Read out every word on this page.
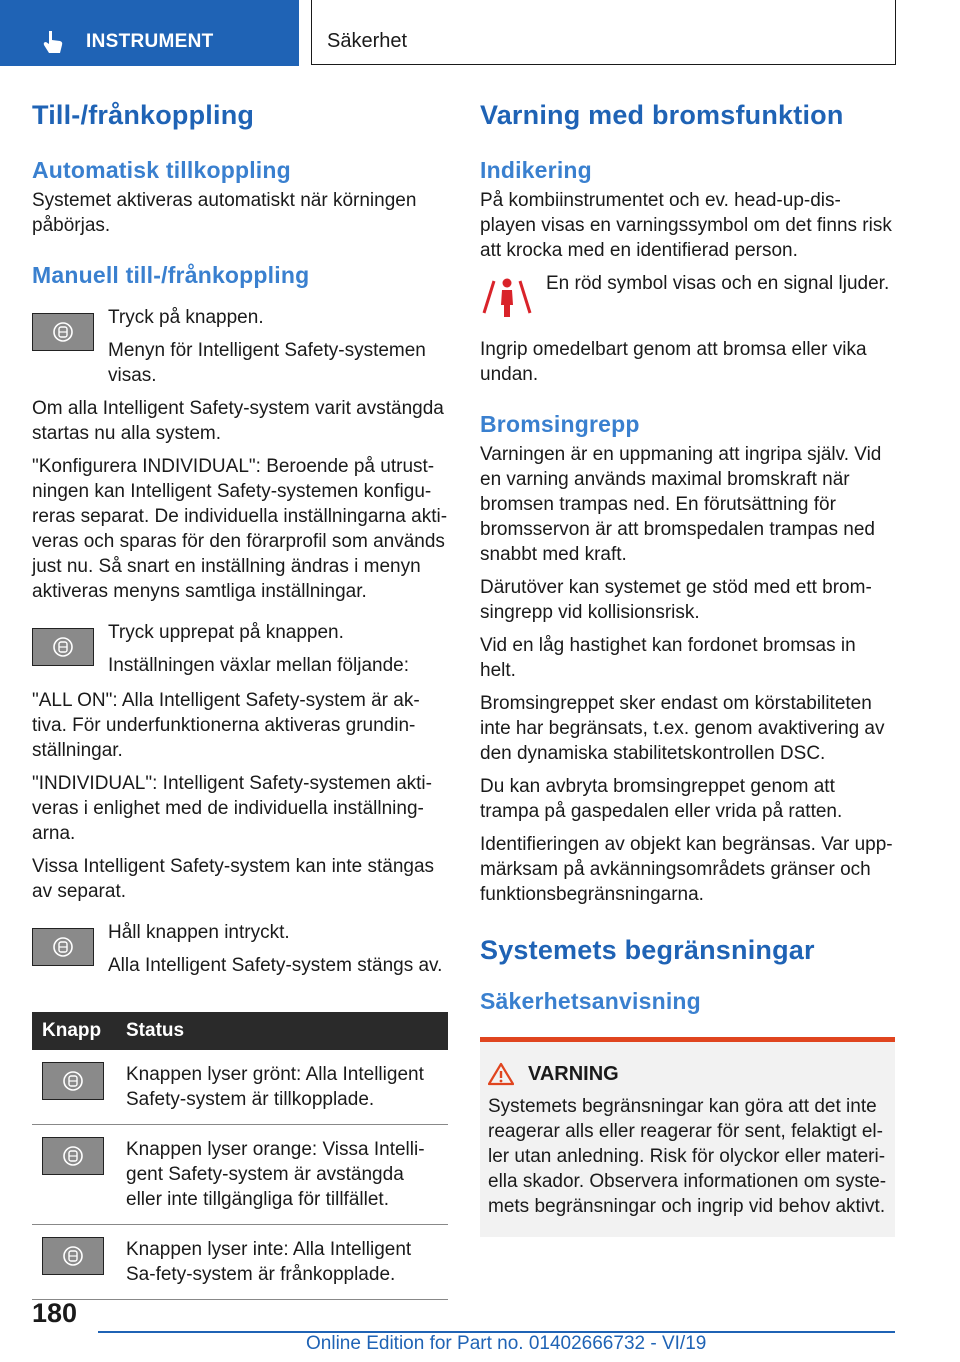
INSTRUMENT	Säkerhet
Till-/frånkoppling
Automatisk tillkoppling

Systemet aktiveras automatiskt när körningen påbörjas.

Manuell till-/frånkoppling

Tryck på knappen.

Menyn för Intelligent Safety-systemen visas.

Om alla Intelligent Safety-system varit avstängda startas nu alla system.

"Konfigurera INDIVIDUAL": Beroende på utrust-ningen kan Intelligent Safety-systemen konfigu-reras separat. De individuella inställningarna akti-veras och sparas för den förarprofil som används just nu. Så snart en inställning ändras i menyn aktiveras menyns samtliga inställningar.

Tryck upprepat på knappen.

Inställningen växlar mellan följande:

"ALL ON": Alla Intelligent Safety-system är ak-tiva. För underfunktionerna aktiveras grundin-ställningar.

"INDIVIDUAL": Intelligent Safety-systemen akti-veras i enlighet med de individuella inställning-arna.

Vissa Intelligent Safety-system kan inte stängas av separat.

Håll knappen intryckt.

Alla Intelligent Safety-system stängs av.

Knapp	Status

	Knappen lyser grönt: Alla Intelligent Safety-system är tillkopplade.

	Knappen lyser orange: Vissa Intelli-gent Safety-system är avstängda eller inte tillgängliga för tillfället.

	Knappen lyser inte: Alla Intelligent Sa-fety-system är frånkopplade.
Varning med bromsfunktion
Indikering

På kombiinstrumentet och ev. head-up-dis-playen visas en varningssymbol om det finns risk att krocka med en identifierad person.

En röd symbol visas och en signal ljuder.

Ingrip omedelbart genom att bromsa eller vika undan.

Bromsingrepp

Varningen är en uppmaning att ingripa själv. Vid en varning används maximal bromskraft när bromsen trampas ned. En förutsättning för bromsservon är att bromspedalen trampas ned snabbt med kraft.

Därutöver kan systemet ge stöd med ett brom-singrepp vid kollisionsrisk.

Vid en låg hastighet kan fordonet bromsas in helt.

Bromsingreppet sker endast om körstabiliteten inte har begränsats, t.ex. genom avaktivering av den dynamiska stabilitetskontrollen DSC.

Du kan avbryta bromsingreppet genom att trampa på gaspedalen eller vrida på ratten.

Identifieringen av objekt kan begränsas. Var upp-märksam på avkänningsområdets gränser och funktionsbegränsningarna.

Systemets begränsningar
Säkerhetsanvisning
VARNING

Systemets begränsningar kan göra att det inte reagerar alls eller reagerar för sent, felaktigt el-ler utan anledning. Risk för olyckor eller materi-ella skador. Observera informationen om syste-mets begränsningar och ingrip vid behov aktivt.

180
Online Edition for Part no. 01402666732 - VI/19
